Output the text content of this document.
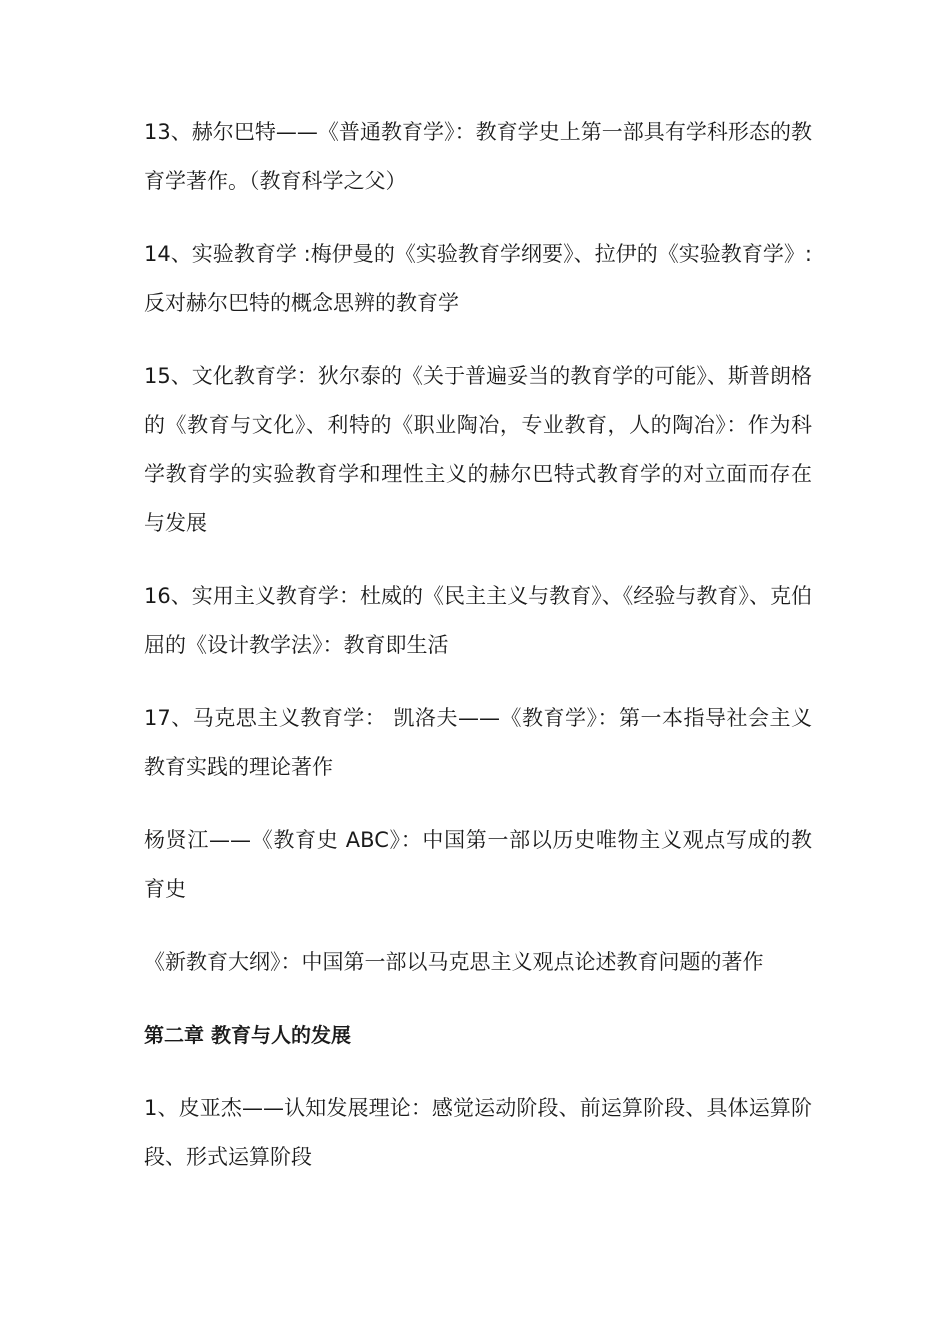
13、赫尔巴特——《普通教育学》：教育学史上第一部具有学科形态的教育学著作。（教育科学之父）

14、实验教育学 :梅伊曼的《实验教育学纲要》、拉伊的《实验教育学》:反对赫尔巴特的概念思辨的教育学

15、文化教育学：狄尔泰的《关于普遍妥当的教育学的可能》、斯普朗格的《教育与文化》、利特的《职业陶冶，专业教育，人的陶冶》：作为科学教育学的实验教育学和理性主义的赫尔巴特式教育学的对立面而存在与发展

16、实用主义教育学：杜威的《民主主义与教育》、《经验与教育》、克伯屈的《设计教学法》：教育即生活

17、马克思主义教育学： 凯洛夫——《教育学》：第一本指导社会主义教育实践的理论著作

杨贤江——《教育史 ABC》：中国第一部以历史唯物主义观点写成的教育史

《新教育大纲》：中国第一部以马克思主义观点论述教育问题的著作

第二章 教育与人的发展

1、皮亚杰——认知发展理论：感觉运动阶段、前运算阶段、具体运算阶段、形式运算阶段
